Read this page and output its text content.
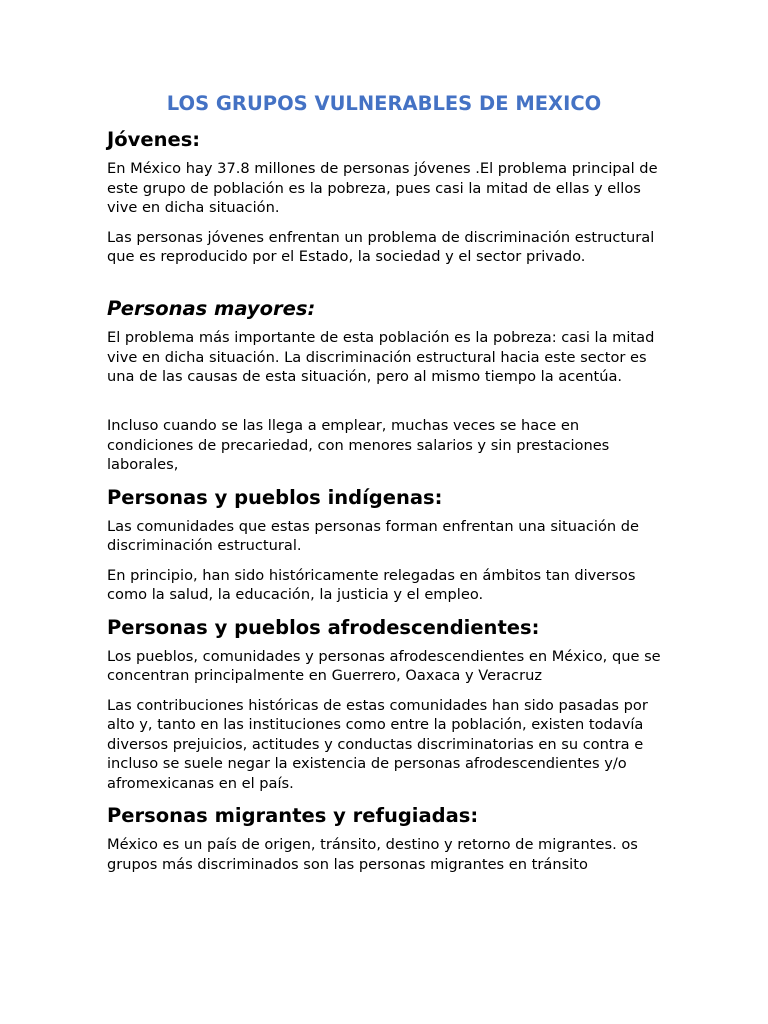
LOS GRUPOS VULNERABLES DE MEXICO
Jóvenes:

En México hay 37.8 millones de personas jóvenes .El problema principal de este grupo de población es la pobreza, pues casi la mitad de ellas y ellos vive en dicha situación.

Las personas jóvenes enfrentan un problema de discriminación estructural que es reproducido por el Estado, la sociedad y el sector privado.

Personas mayores:

El problema más importante de esta población es la pobreza: casi la mitad vive en dicha situación. La discriminación estructural hacia este sector es una de las causas de esta situación, pero al mismo tiempo la acentúa.

Incluso cuando se las llega a emplear, muchas veces se hace en condiciones de precariedad, con menores salarios y sin prestaciones laborales,

Personas y pueblos indígenas:

Las comunidades que estas personas forman enfrentan una situación de discriminación estructural.

En principio, han sido históricamente relegadas en ámbitos tan diversos como la salud, la educación, la justicia y el empleo.

Personas y pueblos afrodescendientes:

Los pueblos, comunidades y personas afrodescendientes en México, que se concentran principalmente en Guerrero, Oaxaca y Veracruz

Las contribuciones históricas de estas comunidades han sido pasadas por alto y, tanto en las instituciones como entre la población, existen todavía diversos prejuicios, actitudes y conductas discriminatorias en su contra e incluso se suele negar la existencia de personas afrodescendientes y/o afromexicanas en el país.

Personas migrantes y refugiadas:

México es un país de origen, tránsito, destino y retorno de migrantes. os grupos más discriminados son las personas migrantes en tránsito
